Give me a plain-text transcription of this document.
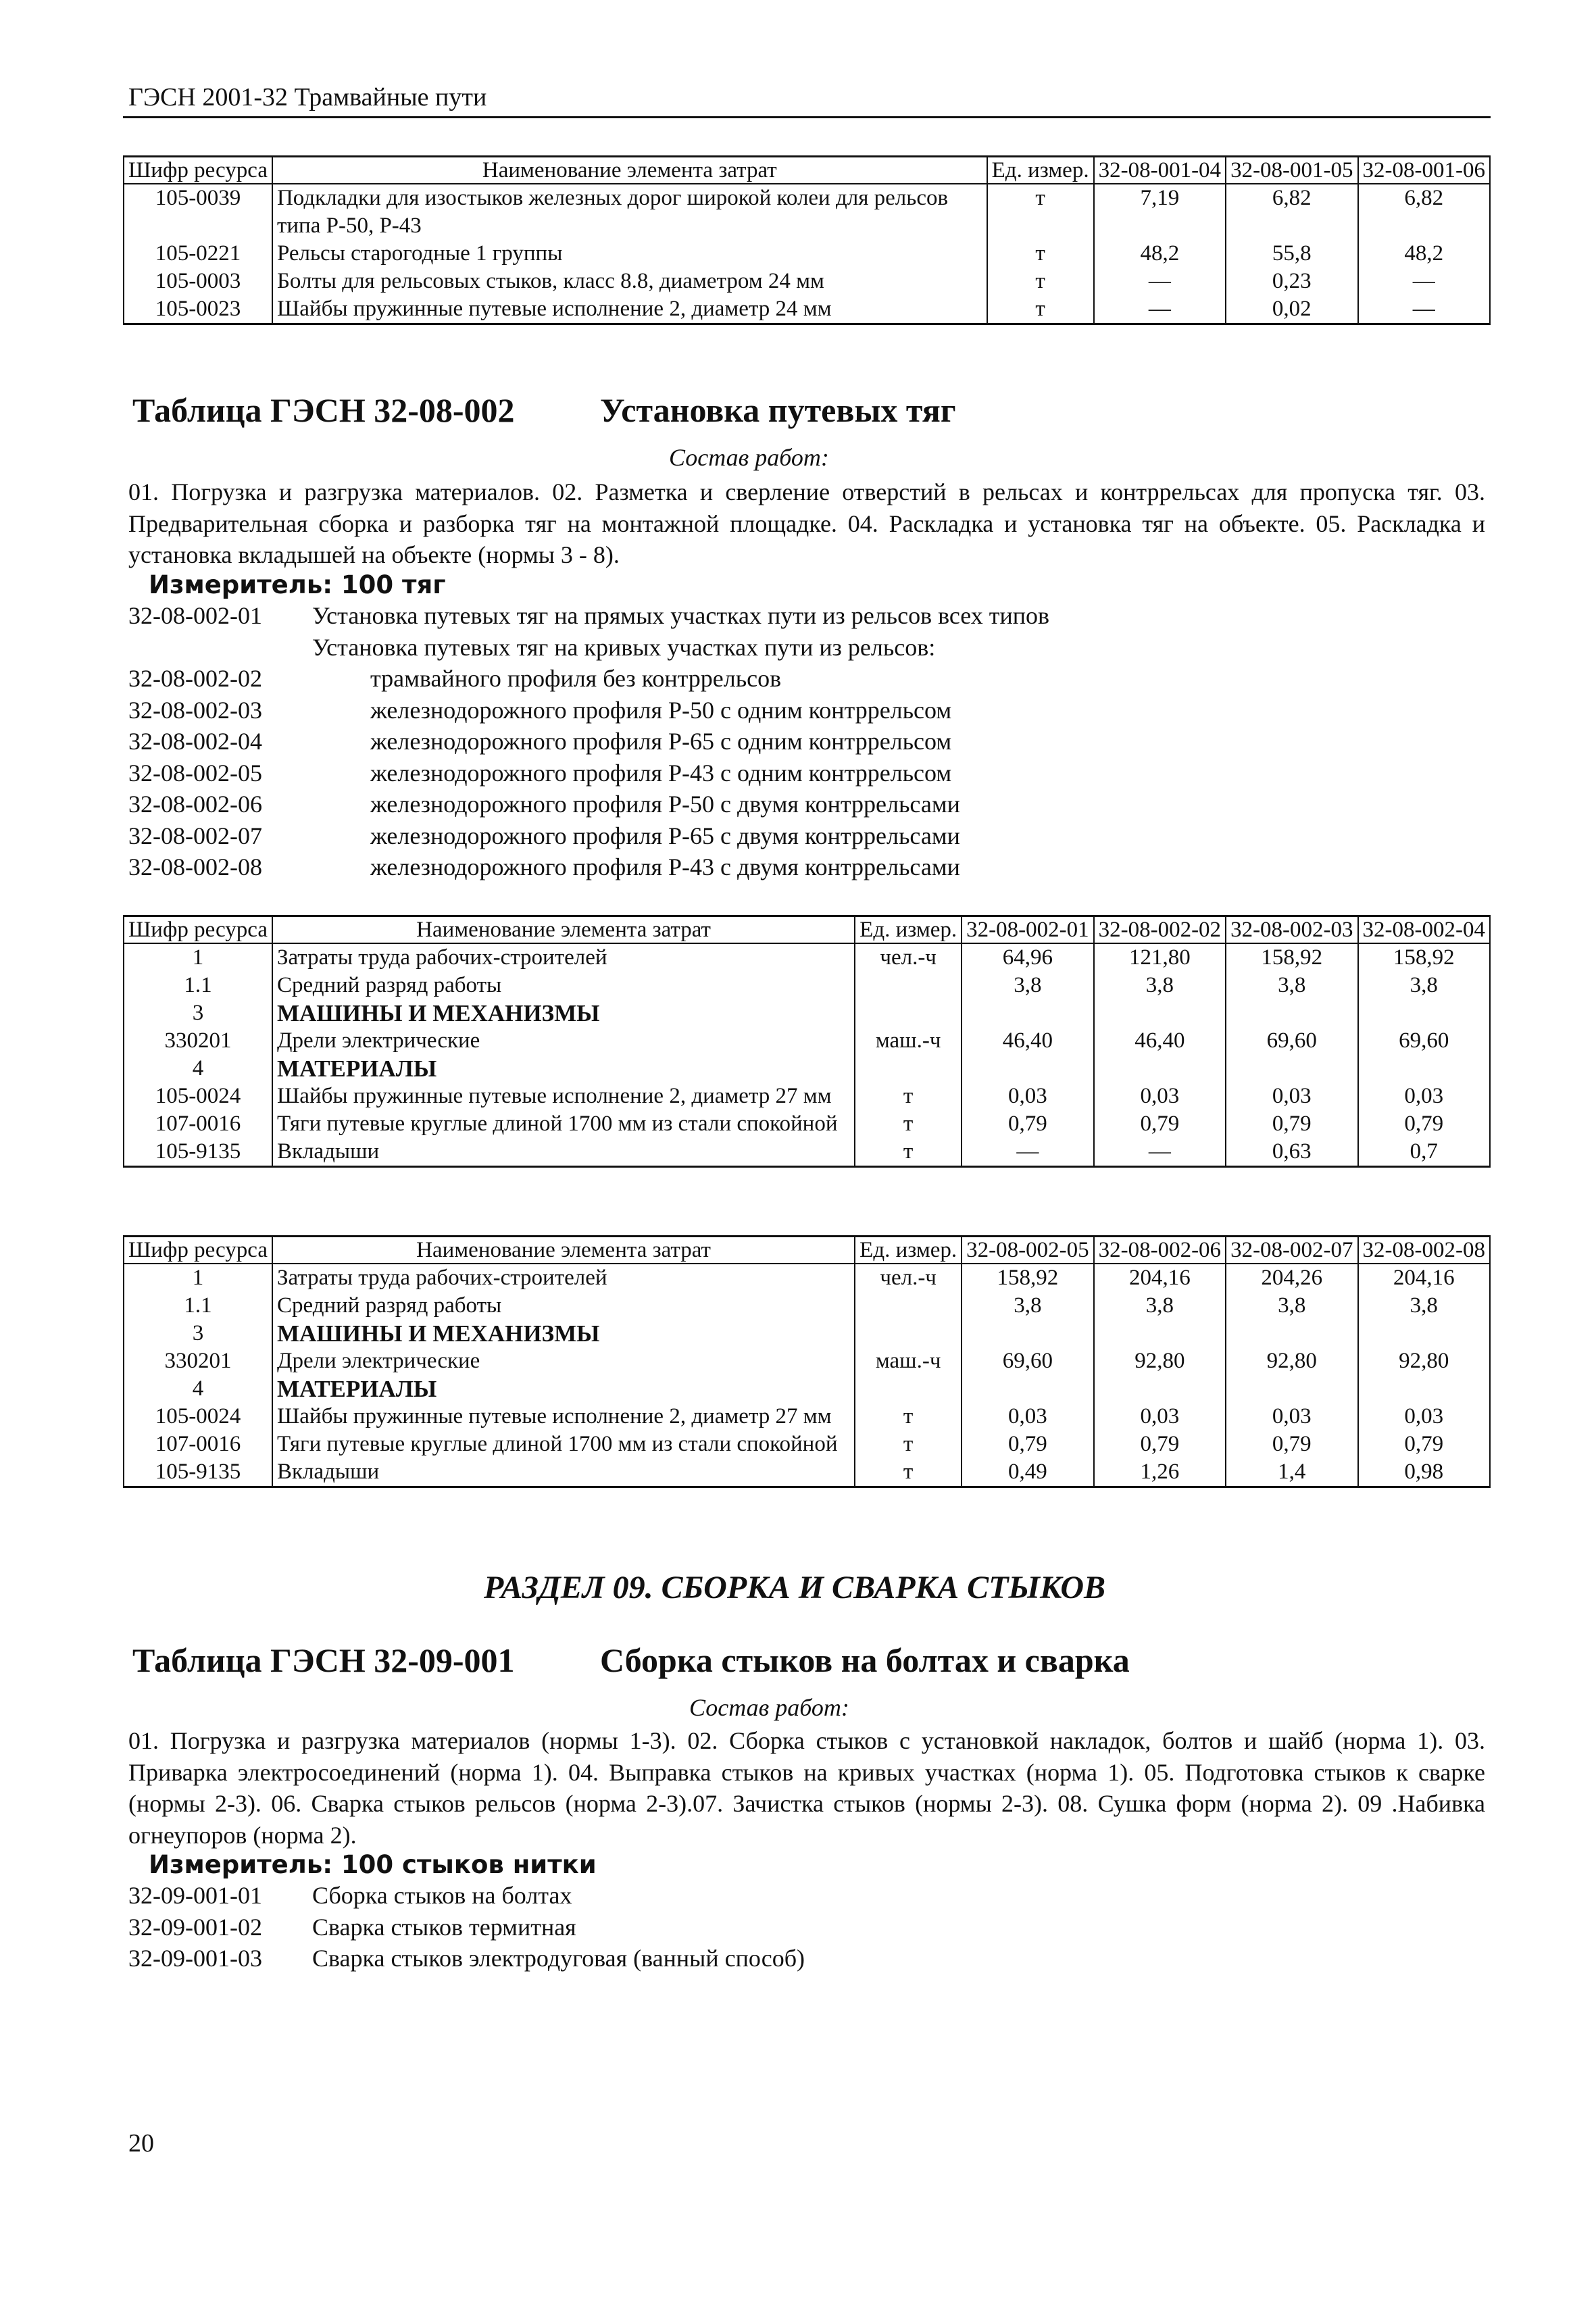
ГЭСН 2001-32 Трамвайные пути
Шифр ресурса	Наименование элемента затрат	Ед. измер.	32-08-001-04	32-08-001-05	32-08-001-06
105-0039	Подкладки для изостыков железных дорог широкой колеи для рельсов типа Р-50, Р-43	т	7,19	6,82	6,82
105-0221	Рельсы старогодные 1 группы	т	48,2	55,8	48,2
105-0003	Болты для рельсовых стыков, класс 8.8, диаметром 24 мм	т	—	0,23	—
105-0023	Шайбы пружинные путевые исполнение 2, диаметр 24 мм	т	—	0,02	—
Таблица ГЭСН 32-08-002	Установка путевых тяг
Состав работ:
01. Погрузка и разгрузка материалов. 02. Разметка и сверление отверстий в рельсах и контррельсах для пропуска тяг. 03. Предварительная сборка и разборка тяг на монтажной площадке. 04. Раскладка и установка тяг на объекте. 05. Раскладка и установка вкладышей на объекте (нормы 3 - 8).
Измеритель: 100 тяг
32-08-002-01	Установка путевых тяг на прямых участках пути из рельсов всех типов
Установка путевых тяг на кривых участках пути из рельсов:
32-08-002-02	трамвайного профиля без контррельсов
32-08-002-03	железнодорожного профиля Р-50 с одним контррельсом
32-08-002-04	железнодорожного профиля Р-65 с одним контррельсом
32-08-002-05	железнодорожного профиля Р-43 с одним контррельсом
32-08-002-06	железнодорожного профиля Р-50 с двумя контррельсами
32-08-002-07	железнодорожного профиля Р-65 с двумя контррельсами
32-08-002-08	железнодорожного профиля Р-43 с двумя контррельсами
Шифр ресурса	Наименование элемента затрат	Ед. измер.	32-08-002-01	32-08-002-02	32-08-002-03	32-08-002-04
1	Затраты труда рабочих-строителей	чел.-ч	64,96	121,80	158,92	158,92
1.1	Средний разряд работы		3,8	3,8	3,8	3,8
3	МАШИНЫ И МЕХАНИЗМЫ					
330201	Дрели электрические	маш.-ч	46,40	46,40	69,60	69,60
4	МАТЕРИАЛЫ					
105-0024	Шайбы пружинные путевые исполнение 2, диаметр 27 мм	т	0,03	0,03	0,03	0,03
107-0016	Тяги путевые круглые длиной 1700 мм из стали спокойной	т	0,79	0,79	0,79	0,79
105-9135	Вкладыши	т	—	—	0,63	0,7
Шифр ресурса	Наименование элемента затрат	Ед. измер.	32-08-002-05	32-08-002-06	32-08-002-07	32-08-002-08
1	Затраты труда рабочих-строителей	чел.-ч	158,92	204,16	204,26	204,16
1.1	Средний разряд работы		3,8	3,8	3,8	3,8
3	МАШИНЫ И МЕХАНИЗМЫ					
330201	Дрели электрические	маш.-ч	69,60	92,80	92,80	92,80
4	МАТЕРИАЛЫ					
105-0024	Шайбы пружинные путевые исполнение 2, диаметр 27 мм	т	0,03	0,03	0,03	0,03
107-0016	Тяги путевые круглые длиной 1700 мм из стали спокойной	т	0,79	0,79	0,79	0,79
105-9135	Вкладыши	т	0,49	1,26	1,4	0,98
РАЗДЕЛ 09. СБОРКА И СВАРКА СТЫКОВ
Таблица ГЭСН 32-09-001	Сборка стыков на болтах и сварка
Состав работ:
01. Погрузка и разгрузка материалов (нормы 1-3). 02. Сборка стыков с установкой накладок, болтов и шайб (норма 1). 03. Приварка электросоединений (норма 1). 04. Выправка стыков на кривых участках (норма 1). 05. Подготовка стыков к сварке (нормы 2-3). 06. Сварка стыков рельсов (норма 2-3).07. Зачистка стыков (нормы 2-3). 08. Сушка форм (норма 2). 09 .Набивка огнеупоров (норма 2).
Измеритель: 100 стыков нитки
32-09-001-01	Сборка стыков на болтах
32-09-001-02	Сварка стыков термитная
32-09-001-03	Сварка стыков электродуговая (ванный способ)
20
